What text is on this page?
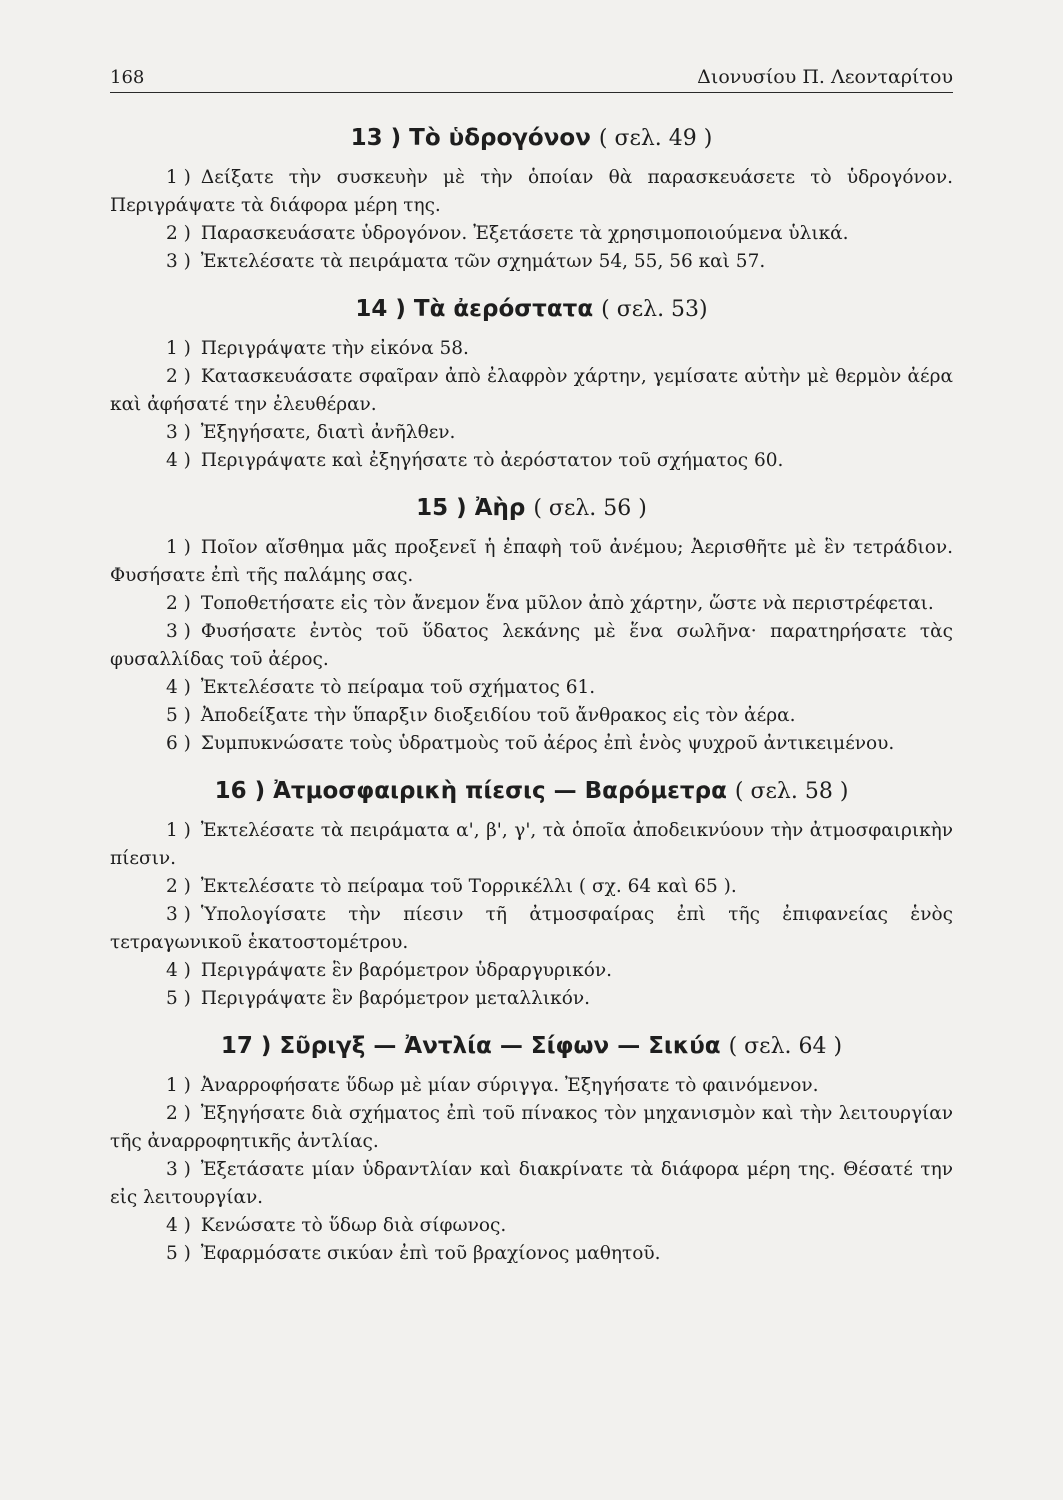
168	Διονυσίου Π. Λεονταρίτου
13 ) Τὸ ὑδρογόνον ( σελ. 49 )

1 ) Δείξατε τὴν συσκευὴν μὲ τὴν ὁποίαν θὰ παρασκευάσετε τὸ ὑδρογόνον. Περιγράψατε τὰ διάφορα μέρη της.

2 ) Παρασκευάσατε ὑδρογόνον. Ἐξετάσετε τὰ χρησιμοποιούμενα ὑλικά.

3 ) Ἐκτελέσατε τὰ πειράματα τῶν σχημάτων 54, 55, 56 καὶ 57.

14 ) Τὰ ἀερόστατα ( σελ. 53)

1 ) Περιγράψατε τὴν εἰκόνα 58.

2 ) Κατασκευάσατε σφαῖραν ἀπὸ ἐλαφρὸν χάρτην, γεμίσατε αὐτὴν μὲ θερμὸν ἀέρα καὶ ἀφήσατέ την ἐλευθέραν.

3 ) Ἐξηγήσατε, διατὶ ἀνῆλθεν.

4 ) Περιγράψατε καὶ ἐξηγήσατε τὸ ἀερόστατον τοῦ σχήματος 60.

15 ) Ἀὴρ ( σελ. 56 )

1 ) Ποῖον αἴσθημα μᾶς προξενεῖ ἡ ἐπαφὴ τοῦ ἀνέμου; Ἀερισθῆτε μὲ ἓν τετράδιον. Φυσήσατε ἐπὶ τῆς παλάμης σας.

2 ) Τοποθετήσατε εἰς τὸν ἄνεμον ἕνα μῦλον ἀπὸ χάρτην, ὥστε νὰ περιστρέφεται.

3 ) Φυσήσατε ἐντὸς τοῦ ὕδατος λεκάνης μὲ ἕνα σωλῆνα· παρατηρήσατε τὰς φυσαλλίδας τοῦ ἀέρος.

4 ) Ἐκτελέσατε τὸ πείραμα τοῦ σχήματος 61.

5 ) Ἀποδείξατε τὴν ὕπαρξιν διοξειδίου τοῦ ἄνθρακος εἰς τὸν ἀέρα.

6 ) Συμπυκνώσατε τοὺς ὑδρατμοὺς τοῦ ἀέρος ἐπὶ ἑνὸς ψυχροῦ ἀντικειμένου.

16 ) Ἀτμοσφαιρικὴ πίεσις — Βαρόμετρα ( σελ. 58 )

1 ) Ἐκτελέσατε τὰ πειράματα α', β', γ', τὰ ὁποῖα ἀποδεικνύουν τὴν ἀτμοσφαιρικὴν πίεσιν.

2 ) Ἐκτελέσατε τὸ πείραμα τοῦ Τορρικέλλι ( σχ. 64 καὶ 65 ).

3 ) Ὑπολογίσατε τὴν πίεσιν τῆ ἀτμοσφαίρας ἐπὶ τῆς ἐπιφανείας ἑνὸς τετραγωνικοῦ ἑκατοστομέτρου.

4 ) Περιγράψατε ἓν βαρόμετρον ὑδραργυρικόν.

5 ) Περιγράψατε ἓν βαρόμετρον μεταλλικόν.

17 ) Σῦριγξ — Ἀντλία — Σίφων — Σικύα ( σελ. 64 )

1 ) Ἀναρροφήσατε ὕδωρ μὲ μίαν σύριγγα. Ἐξηγήσατε τὸ φαινόμενον.

2 ) Ἐξηγήσατε διὰ σχήματος ἐπὶ τοῦ πίνακος τὸν μηχανισμὸν καὶ τὴν λειτουργίαν τῆς ἀναρροφητικῆς ἀντλίας.

3 ) Ἐξετάσατε μίαν ὑδραντλίαν καὶ διακρίνατε τὰ διάφορα μέρη της. Θέσατέ την εἰς λειτουργίαν.

4 ) Κενώσατε τὸ ὕδωρ διὰ σίφωνος.

5 ) Ἐφαρμόσατε σικύαν ἐπὶ τοῦ βραχίονος μαθητοῦ.
